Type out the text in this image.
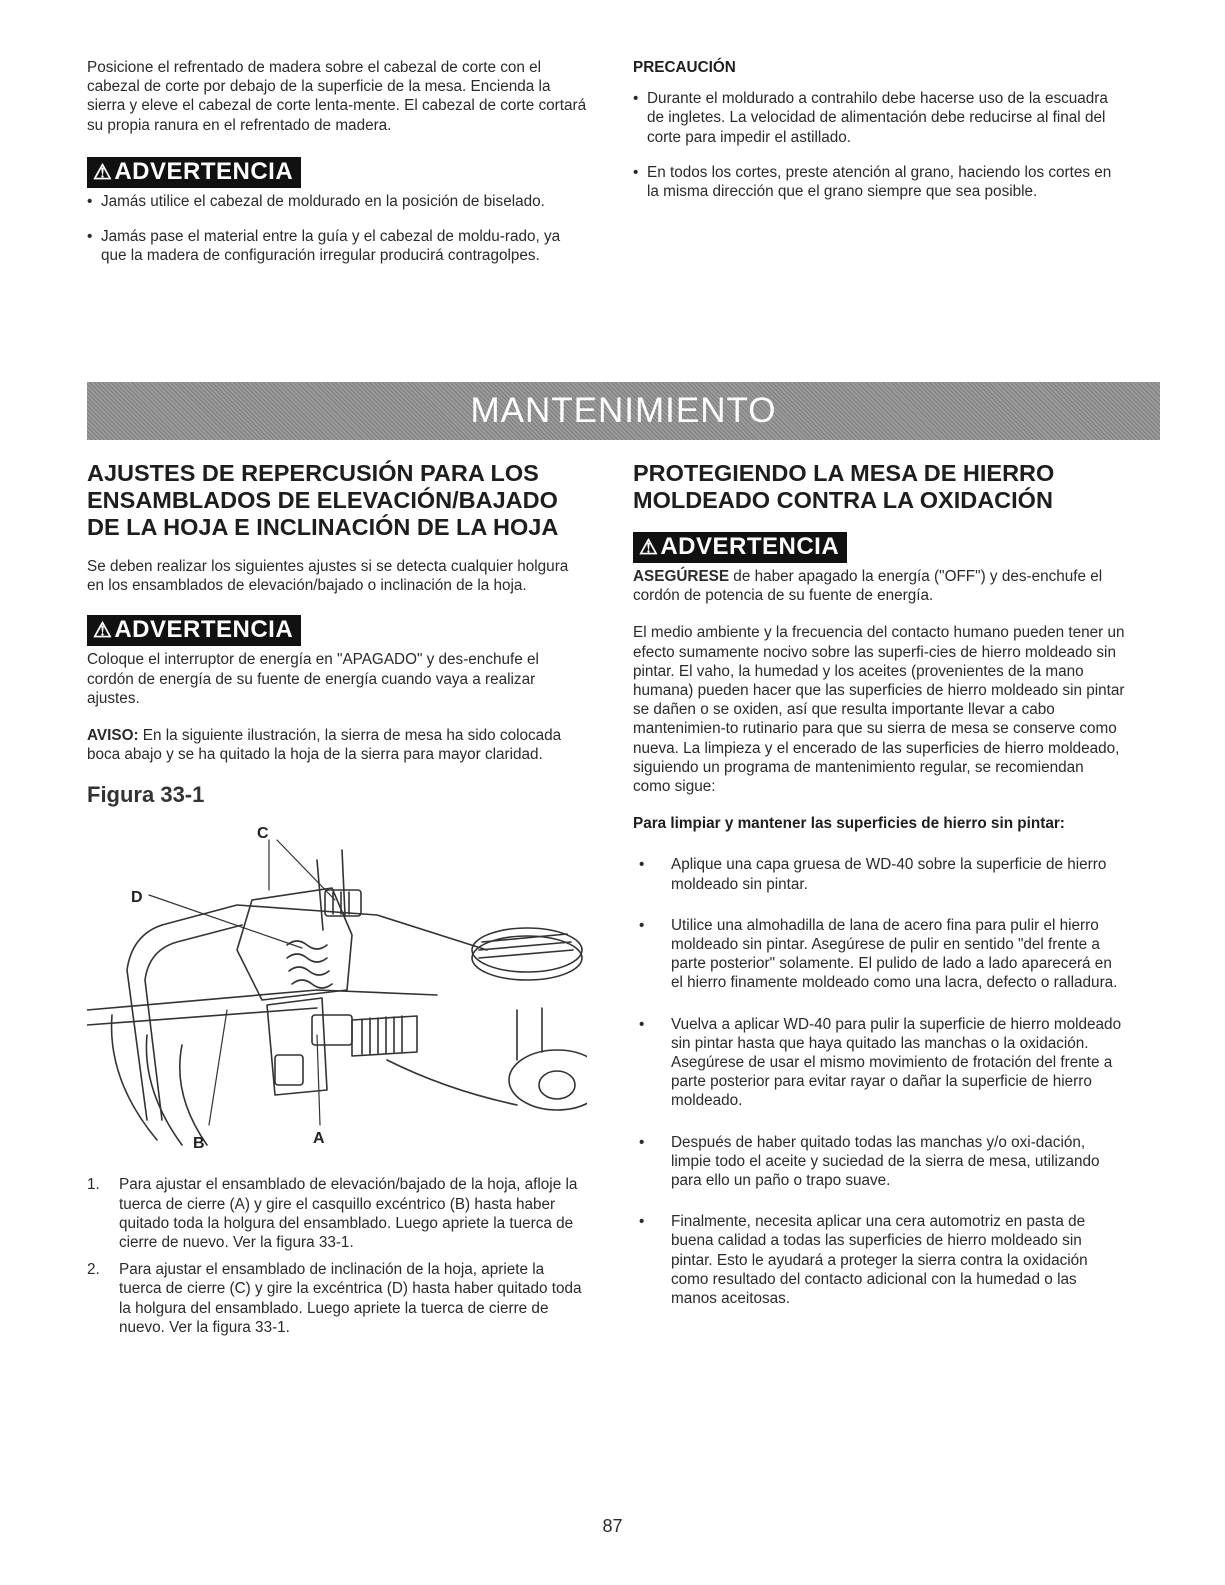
Posicione el refrentado de madera sobre el cabezal de corte con el cabezal de corte por debajo de la superficie de la mesa. Encienda la sierra y eleve el cabezal de corte lenta-mente. El cabezal de corte cortará su propia ranura en el refrentado de madera.

⚠ADVERTENCIA
• Jamás utilice el cabezal de moldurado en la posición de biselado.
• Jamás pase el material entre la guía y el cabezal de moldu-rado, ya que la madera de configuración irregular producirá contragolpes.
PRECAUCIÓN
• Durante el moldurado a contrahilo debe hacerse uso de la escuadra de ingletes. La velocidad de alimentación debe reducirse al final del corte para impedir el astillado.
• En todos los cortes, preste atención al grano, haciendo los cortes en la misma dirección que el grano siempre que sea posible.
MANTENIMIENTO
AJUSTES DE REPERCUSIÓN PARA LOS ENSAMBLADOS DE ELEVACIÓN/BAJADO DE LA HOJA E INCLINACIÓN DE LA HOJA

Se deben realizar los siguientes ajustes si se detecta cualquier holgura en los ensamblados de elevación/bajado o inclinación de la hoja.

⚠ADVERTENCIA

Coloque el interruptor de energía en "APAGADO" y des-enchufe el cordón de energía de su fuente de energía cuando vaya a realizar ajustes.

AVISO: En la siguiente ilustración, la sierra de mesa ha sido colocada boca abajo y se ha quitado la hoja de la sierra para mayor claridad.

Figura 33-1
C
D
B	A
1. Para ajustar el ensamblado de elevación/bajado de la hoja, afloje la tuerca de cierre (A) y gire el casquillo excéntrico (B) hasta haber quitado toda la holgura del ensamblado. Luego apriete la tuerca de cierre de nuevo. Ver la figura 33-1.
2. Para ajustar el ensamblado de inclinación de la hoja, apriete la tuerca de cierre (C) y gire la excéntrica (D) hasta haber quitado toda la holgura del ensamblado. Luego apriete la tuerca de cierre de nuevo. Ver la figura 33-1.
PROTEGIENDO LA MESA DE HIERRO MOLDEADO CONTRA LA OXIDACIÓN
⚠ADVERTENCIA

ASEGÚRESE de haber apagado la energía ("OFF") y des-enchufe el cordón de potencia de su fuente de energía.

El medio ambiente y la frecuencia del contacto humano pueden tener un efecto sumamente nocivo sobre las superfi-cies de hierro moldeado sin pintar. El vaho, la humedad y los aceites (provenientes de la mano humana) pueden hacer que las superficies de hierro moldeado sin pintar se dañen o se oxiden, así que resulta importante llevar a cabo mantenimien-to rutinario para que su sierra de mesa se conserve como nueva. La limpieza y el encerado de las superficies de hierro moldeado, siguiendo un programa de mantenimiento regular, se recomiendan como sigue:

Para limpiar y mantener las superficies de hierro sin pintar:
• Aplique una capa gruesa de WD-40 sobre la superficie de hierro moldeado sin pintar.
• Utilice una almohadilla de lana de acero fina para pulir el hierro moldeado sin pintar. Asegúrese de pulir en sentido "del frente a parte posterior" solamente. El pulido de lado a lado aparecerá en el hierro finamente moldeado como una lacra, defecto o ralladura.
• Vuelva a aplicar WD-40 para pulir la superficie de hierro moldeado sin pintar hasta que haya quitado las manchas o la oxidación. Asegúrese de usar el mismo movimiento de frotación del frente a parte posterior para evitar rayar o dañar la superficie de hierro moldeado.
• Después de haber quitado todas las manchas y/o oxi-dación, limpie todo el aceite y suciedad de la sierra de mesa, utilizando para ello un paño o trapo suave.
• Finalmente, necesita aplicar una cera automotriz en pasta de buena calidad a todas las superficies de hierro moldeado sin pintar. Esto le ayudará a proteger la sierra contra la oxidación como resultado del contacto adicional con la humedad o las manos aceitosas.
87
